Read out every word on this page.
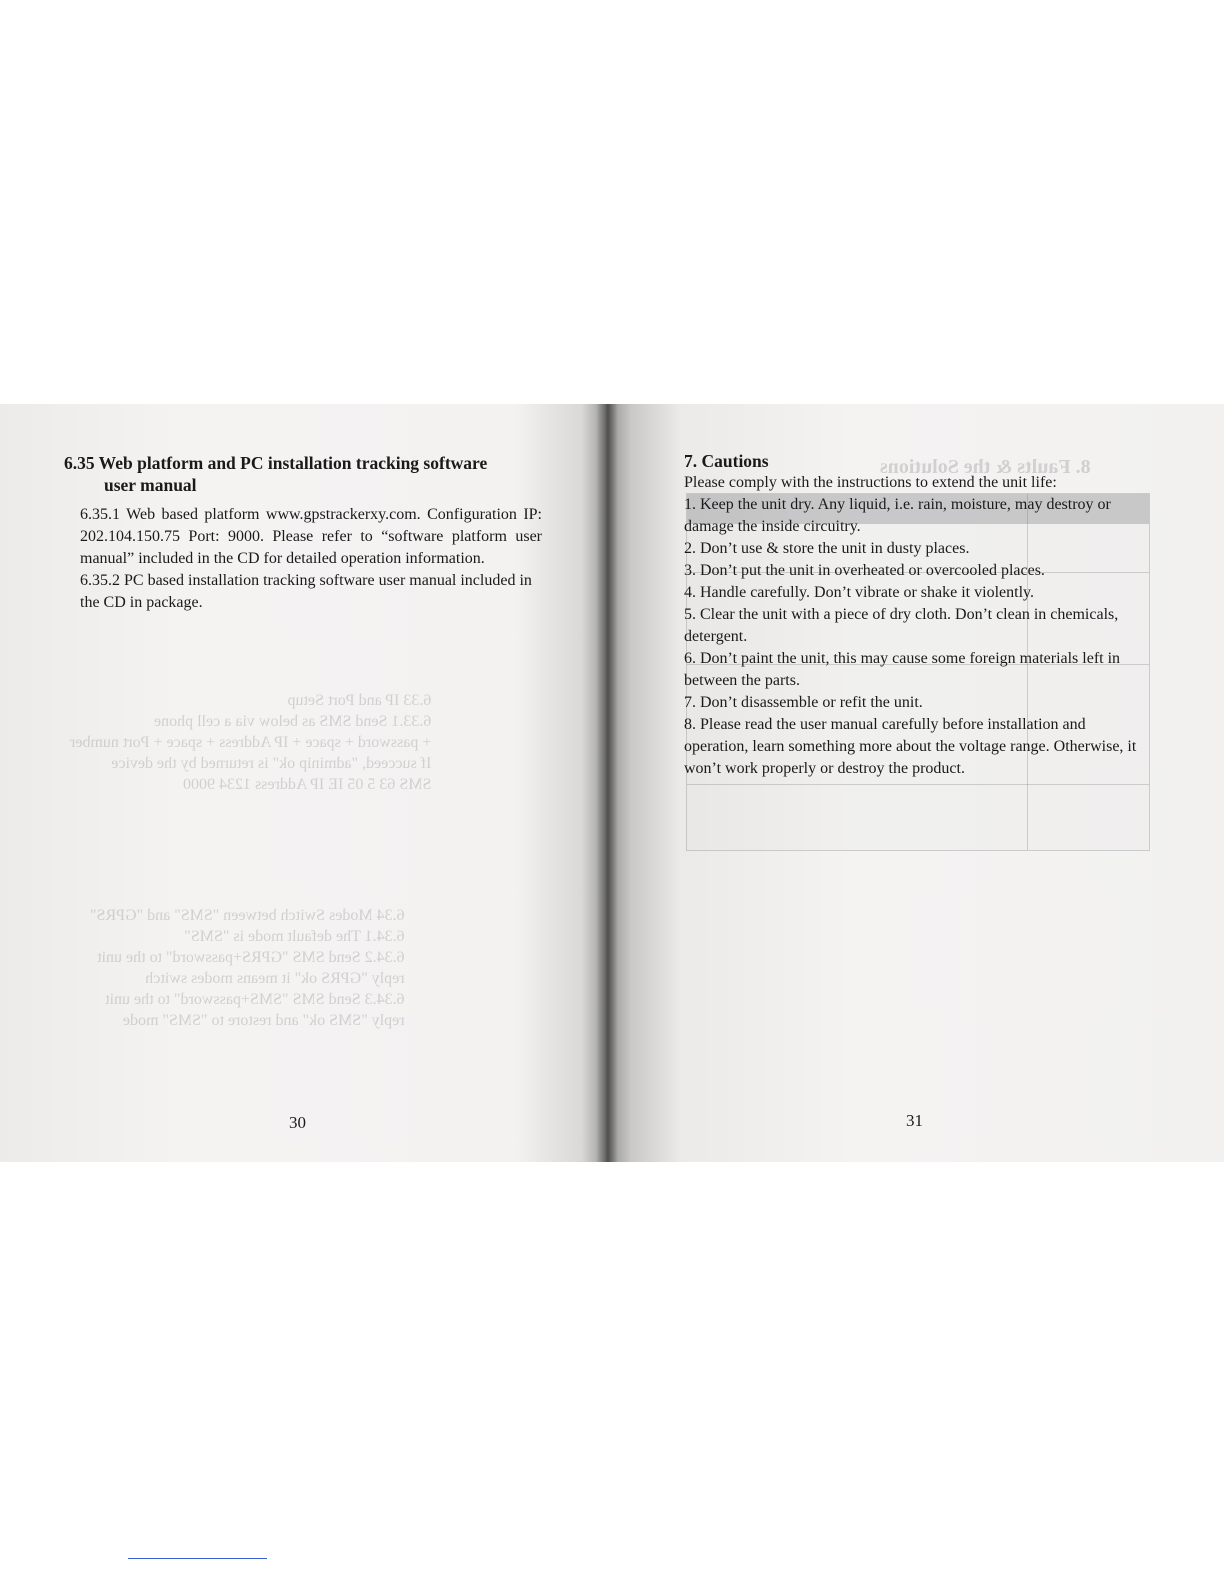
6.33 IP and Port Setup
6.33.1 Send SMS as below via a cell phone
+ password + space + IP Address + space + Port number
If succeed, "adminip ok" is returned by the device
SMS 63 5 05 IE IP Address 1234 9000
6.34 Modes Switch between "SMS" and "GPRS"
6.34.1 The default mode is "SMS"
6.34.2 Send SMS "GPRS+password" to the unit
reply "GPRS ok" it means modes switch
6.34.3 Send SMS "SMS+password" to the unit
reply "SMS ok" and restore to "SMS" mode
8. Faults & the Solutions

6.35 Web platform and PC installation tracking software
user manual

6.35.1 Web based platform www.gpstrackerxy.com. Configuration IP: 202.104.150.75 Port: 9000. Please refer to “software platform user manual” included in the CD for detailed operation information.

6.35.2 PC based installation tracking software user manual included in the CD in package.

7. Cautions

Please comply with the instructions to extend the unit life:

1. Keep the unit dry. Any liquid, i.e. rain, moisture, may destroy or damage the inside circuitry.

2. Don’t use & store the unit in dusty places.

3. Don’t put the unit in overheated or overcooled places.

4. Handle carefully. Don’t vibrate or shake it violently.

5. Clear the unit with a piece of dry cloth. Don’t clean in chemicals, detergent.

6. Don’t paint the unit, this may cause some foreign materials left in between the parts.

7. Don’t disassemble or refit the unit.

8. Please read the user manual carefully before installation and operation, learn something more about the voltage range. Otherwise, it won’t work properly or destroy the product.

30	31
